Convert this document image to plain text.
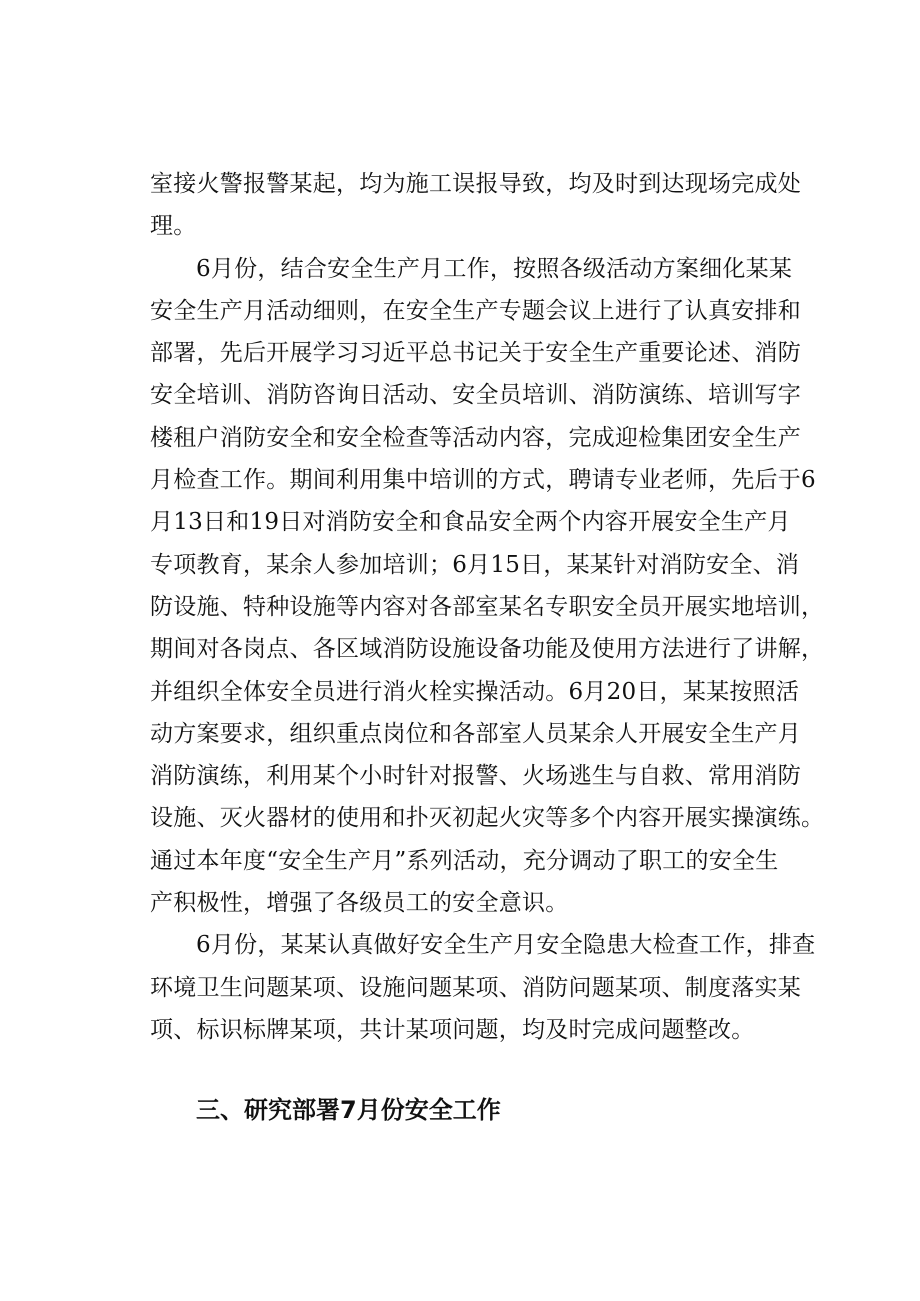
室接火警报警某起，均为施工误报导致，均及时到达现场完成处
理。
6月份，结合安全生产月工作，按照各级活动方案细化某某
安全生产月活动细则，在安全生产专题会议上进行了认真安排和
部署，先后开展学习习近平总书记关于安全生产重要论述、消防
安全培训、消防咨询日活动、安全员培训、消防演练、培训写字
楼租户消防安全和安全检查等活动内容，完成迎检集团安全生产
月检查工作。期间利用集中培训的方式，聘请专业老师，先后于6
月13日和19日对消防安全和食品安全两个内容开展安全生产月
专项教育，某余人参加培训；6月15日，某某针对消防安全、消
防设施、特种设施等内容对各部室某名专职安全员开展实地培训，
期间对各岗点、各区域消防设施设备功能及使用方法进行了讲解，
并组织全体安全员进行消火栓实操活动。6月20日，某某按照活
动方案要求，组织重点岗位和各部室人员某余人开展安全生产月
消防演练，利用某个小时针对报警、火场逃生与自救、常用消防
设施、灭火器材的使用和扑灭初起火灾等多个内容开展实操演练。
通过本年度“安全生产月”系列活动，充分调动了职工的安全生
产积极性，增强了各级员工的安全意识。
6月份，某某认真做好安全生产月安全隐患大检查工作，排查
环境卫生问题某项、设施问题某项、消防问题某项、制度落实某
项、标识标牌某项，共计某项问题，均及时完成问题整改。
三、研究部署7月份安全工作
